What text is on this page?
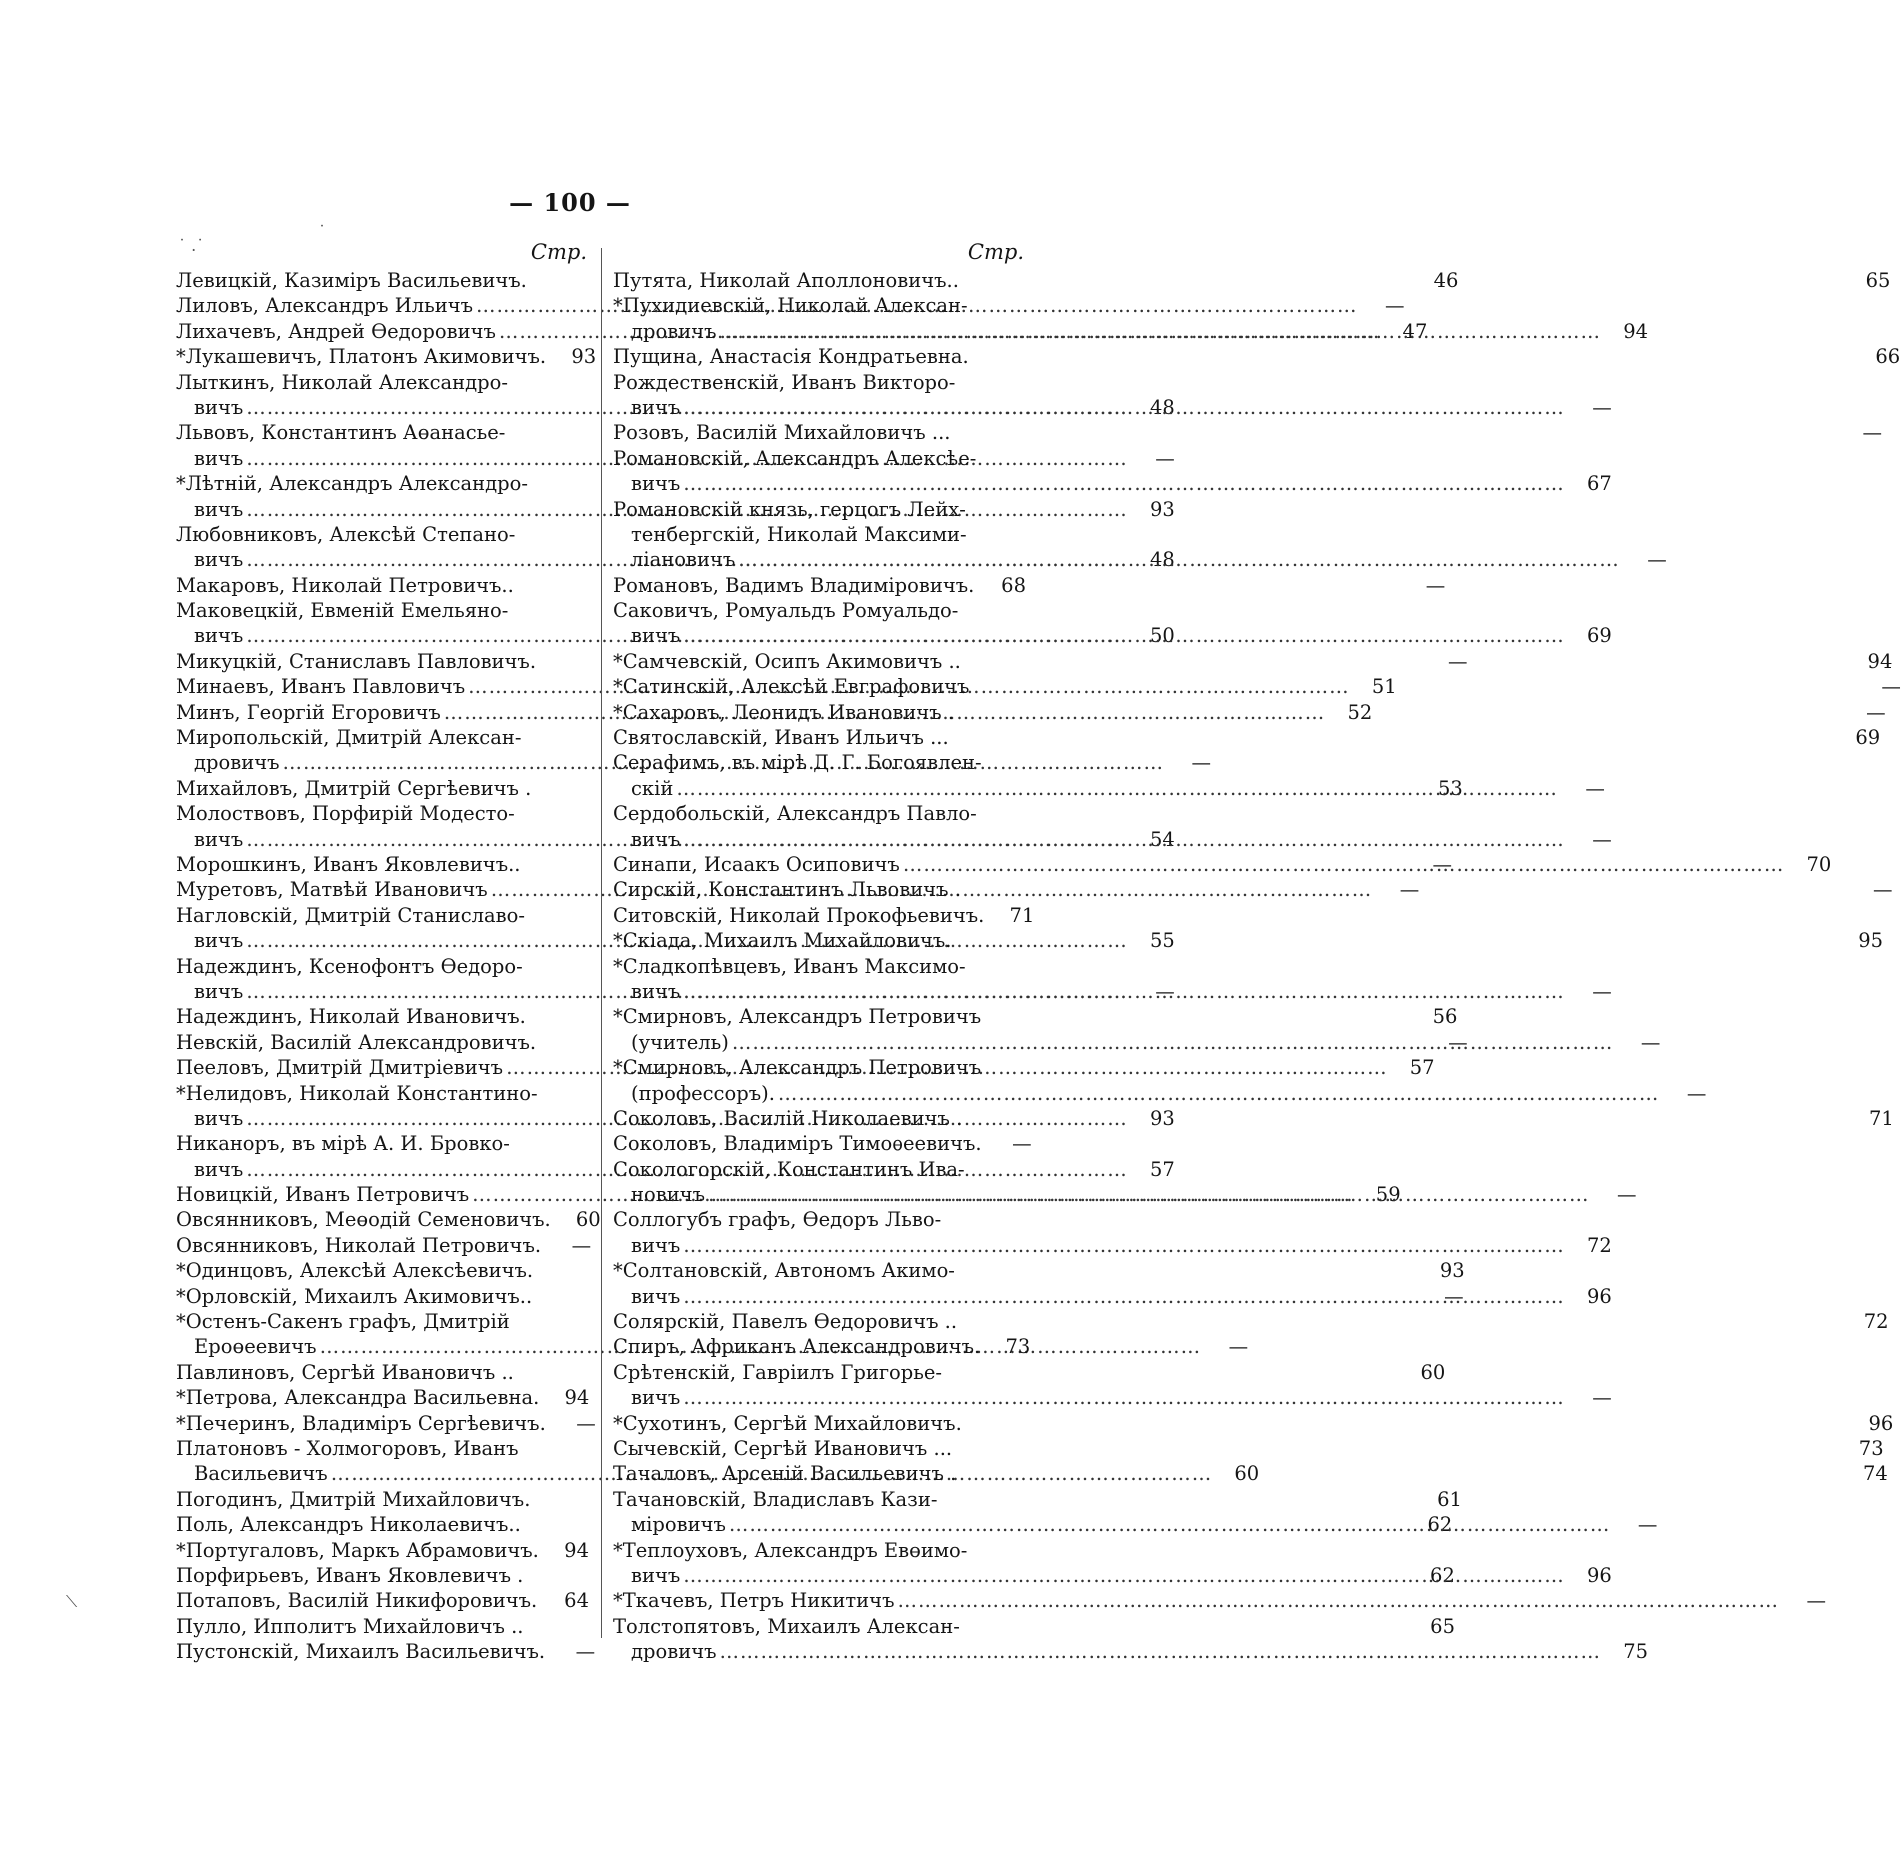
— 100 —
˙ .˙
˙
⟍
Стр.
Левицкій, Казиміръ Васильевичъ.	46
Лиловъ, Александръ Ильичъ …………………………………………………………………………………………………………………	—
Лихачевъ, Андрей Өедоровичъ …………………………………………………………………………………………………………………	47
*Лукашевичъ, Платонъ Акимовичъ.	93
Лыткинъ, Николай Александро-
вичъ …………………………………………………………………………………………………………………	48
Львовъ, Константинъ Аөанасье-
вичъ …………………………………………………………………………………………………………………	—
*Лѣтній, Александръ Александро-
вичъ …………………………………………………………………………………………………………………	93
Любовниковъ, Алексѣй Степано-
вичъ …………………………………………………………………………………………………………………	48
Макаровъ, Николай Петровичъ..	—
Маковецкій, Евменій Емельяно-
вичъ …………………………………………………………………………………………………………………	50
Микуцкій, Станиславъ Павловичъ.	—
Минаевъ, Иванъ Павловичъ …………………………………………………………………………………………………………………	51
Минъ, Георгій Егоровичъ …………………………………………………………………………………………………………………	52
Миропольскій, Дмитрій Алексан-
дровичъ …………………………………………………………………………………………………………………	—
Михайловъ, Дмитрій Сергѣевичъ .	53
Молоствовъ, Порфирій Модесто-
вичъ …………………………………………………………………………………………………………………	54
Морошкинъ, Иванъ Яковлевичъ..	—
Муретовъ, Матвѣй Ивановичъ …………………………………………………………………………………………………………………	—
Нагловскій, Дмитрій Станиславо-
вичъ …………………………………………………………………………………………………………………	55
Надеждинъ, Ксенофонтъ Өедоро-
вичъ …………………………………………………………………………………………………………………	—
Надеждинъ, Николай Ивановичъ.	56
Невскій, Василій Александровичъ.	—
Пееловъ, Дмитрій Дмитріевичъ …………………………………………………………………………………………………………………	57
*Нелидовъ, Николай Константино-
вичъ …………………………………………………………………………………………………………………	93
Никаноръ, въ мірѣ А. И. Бровко-
вичъ …………………………………………………………………………………………………………………	57
Новицкій, Иванъ Петровичъ …………………………………………………………………………………………………………………	59
Овсянниковъ, Меөодій Семеновичъ.	60
Овсянниковъ, Николай Петровичъ.	—
*Одинцовъ, Алексѣй Алексѣевичъ.	93
*Орловскій, Михаилъ Акимовичъ..	—
*Остенъ-Сакенъ графъ, Дмитрій
Ероөеевичъ …………………………………………………………………………………………………………………	—
Павлиновъ, Сергѣй Ивановичъ ..	60
*Петрова, Александра Васильевна.	94
*Печеринъ, Владиміръ Сергѣевичъ.	—
Платоновъ - Холмогоровъ, Иванъ
Васильевичъ …………………………………………………………………………………………………………………	60
Погодинъ, Дмитрій Михайловичъ.	61
Поль, Александръ Николаевичъ..	62
*Португаловъ, Маркъ Абрамовичъ.	94
Порфирьевъ, Иванъ Яковлевичъ .	62
Потаповъ, Василій Никифоровичъ.	64
Пулло, Ипполитъ Михайловичъ ..	65
Пустонскій, Михаилъ Васильевичъ.	—
Стр.
Путята, Николай Аполлоновичъ..	65
*Пухидиевскій, Николай Алексан-
дровичъ …………………………………………………………………………………………………………………	94
Пущина, Анастасія Кондратьевна.	66
Рождественскій, Иванъ Викторо-
вичъ …………………………………………………………………………………………………………………	—
Розовъ, Василій Михайловичъ ...	—
Романовскій, Александръ Алексѣе-
вичъ …………………………………………………………………………………………………………………	67
Романовскій князь, герцогъ Лейх-
тенбергскій, Николай Максими-
ліановичъ …………………………………………………………………………………………………………………	—
Романовъ, Вадимъ Владиміровичъ.	68
Саковичъ, Ромуальдъ Ромуальдо-
вичъ …………………………………………………………………………………………………………………	69
*Самчевскій, Осипъ Акимовичъ ..	94
*Сатинскій, Алексѣй Евграфовичъ	—
*Сахаровъ, Леонидъ Ивановичъ .	—
Святославскій, Иванъ Ильичъ ...	69
Серафимъ, въ мірѣ Д. Г. Богоявлен-
скій …………………………………………………………………………………………………………………	—
Сердобольскій, Александръ Павло-
вичъ …………………………………………………………………………………………………………………	—
Синапи, Исаакъ Осиповичъ …………………………………………………………………………………………………………………	70
Сирскій, Константинъ Львовичъ .	—
Ситовскій, Николай Прокофьевичъ.	71
*Скіада, Михаилъ Михайловичъ.	95
*Сладкопѣвцевъ, Иванъ Максимо-
вичъ …………………………………………………………………………………………………………………	—
*Смирновъ, Александръ Петровичъ
(учитель) …………………………………………………………………………………………………………………	—
*Смирновъ, Александръ Петровичъ
(профессоръ). …………………………………………………………………………………………………………………	—
Соколовъ, Василій Николаевичъ .	71
Соколовъ, Владиміръ Тимоѳеевичъ.	—
Сокологорскій, Константинъ Ива-
новичъ …………………………………………………………………………………………………………………	—
Соллогубъ графъ, Өедоръ Льво-
вичъ …………………………………………………………………………………………………………………	72
*Солтановскій, Автономъ Акимо-
вичъ …………………………………………………………………………………………………………………	96
Солярскій, Павелъ Өедоровичъ ..	72
Спиръ, Африканъ Александровичъ.	73
Срѣтенскій, Гавріилъ Григорье-
вичъ …………………………………………………………………………………………………………………	—
*Сухотинъ, Сергѣй Михайловичъ.	96
Сычевскій, Сергѣй Ивановичъ ...	73
Тачаловъ, Арсеній Васильевичъ .	74
Тачановскій, Владиславъ Кази-
міровичъ …………………………………………………………………………………………………………………	—
*Теплоуховъ, Александръ Евөимо-
вичъ …………………………………………………………………………………………………………………	96
*Ткачевъ, Петръ Никитичъ …………………………………………………………………………………………………………………	—
Толстопятовъ, Михаилъ Алексан-
дровичъ …………………………………………………………………………………………………………………	75
